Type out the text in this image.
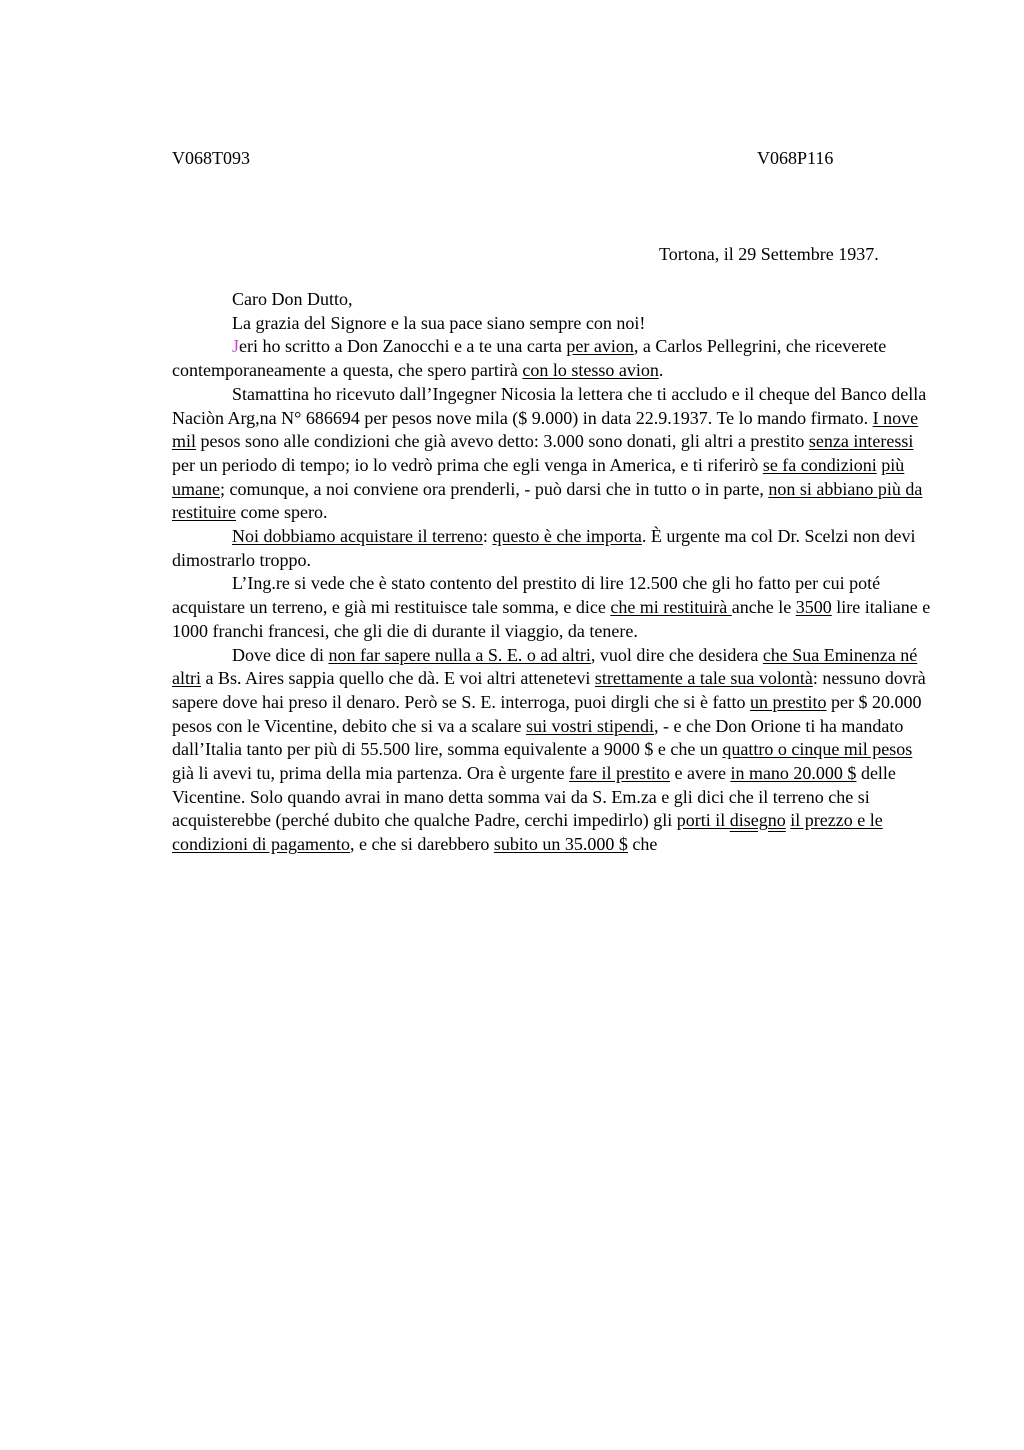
V068T093	V068P116
Tortona, il 29 Settembre 1937.

Caro Don Dutto,

La grazia del Signore e la sua pace siano sempre con noi!

Jeri ho scritto a Don Zanocchi e a te una carta per avion, a Carlos Pellegrini, che riceverete contemporaneamente a questa, che spero partirà con lo stesso avion.

Stamattina ho ricevuto dall’Ingegner Nicosia la lettera che ti accludo e il cheque del Banco della Naciòn Arg,na N° 686694 per pesos nove mila ($ 9.000) in data 22.9.1937. Te lo mando firmato. I nove mil pesos sono alle condizioni che già avevo detto: 3.000 sono donati, gli altri a prestito senza interessi per un periodo di tempo; io lo vedrò prima che egli venga in America, e ti riferirò se fa condizioni più umane; comunque, a noi conviene ora prenderli, - può darsi che in tutto o in parte, non si abbiano più da restituire come spero.

Noi dobbiamo acquistare il terreno: questo è che importa. È urgente ma col Dr. Scelzi non devi dimostrarlo troppo.

L’Ing.re si vede che è stato contento del prestito di lire 12.500 che gli ho fatto per cui poté acquistare un terreno, e già mi restituisce tale somma, e dice che mi restituirà anche le 3500 lire italiane e 1000 franchi francesi, che gli die di durante il viaggio, da tenere.

Dove dice di non far sapere nulla a S. E. o ad altri, vuol dire che desidera che Sua Eminenza né altri a Bs. Aires sappia quello che dà. E voi altri attenetevi strettamente a tale sua volontà: nessuno dovrà sapere dove hai preso il denaro. Però se S. E. interroga, puoi dirgli che si è fatto un prestito per $ 20.000 pesos con le Vicentine, debito che si va a scalare sui vostri stipendi, - e che Don Orione ti ha mandato dall’Italia tanto per più di 55.500 lire, somma equivalente a 9000 $ e che un quattro o cinque mil pesos già li avevi tu, prima della mia partenza. Ora è urgente fare il prestito e avere in mano 20.000 $ delle Vicentine. Solo quando avrai in mano detta somma vai da S. Em.za e gli dici che il terreno che si acquisterebbe (perché dubito che qualche Padre, cerchi impedirlo) gli porti il disegno il prezzo e le condizioni di pagamento, e che si darebbero subito un 35.000 $ che
